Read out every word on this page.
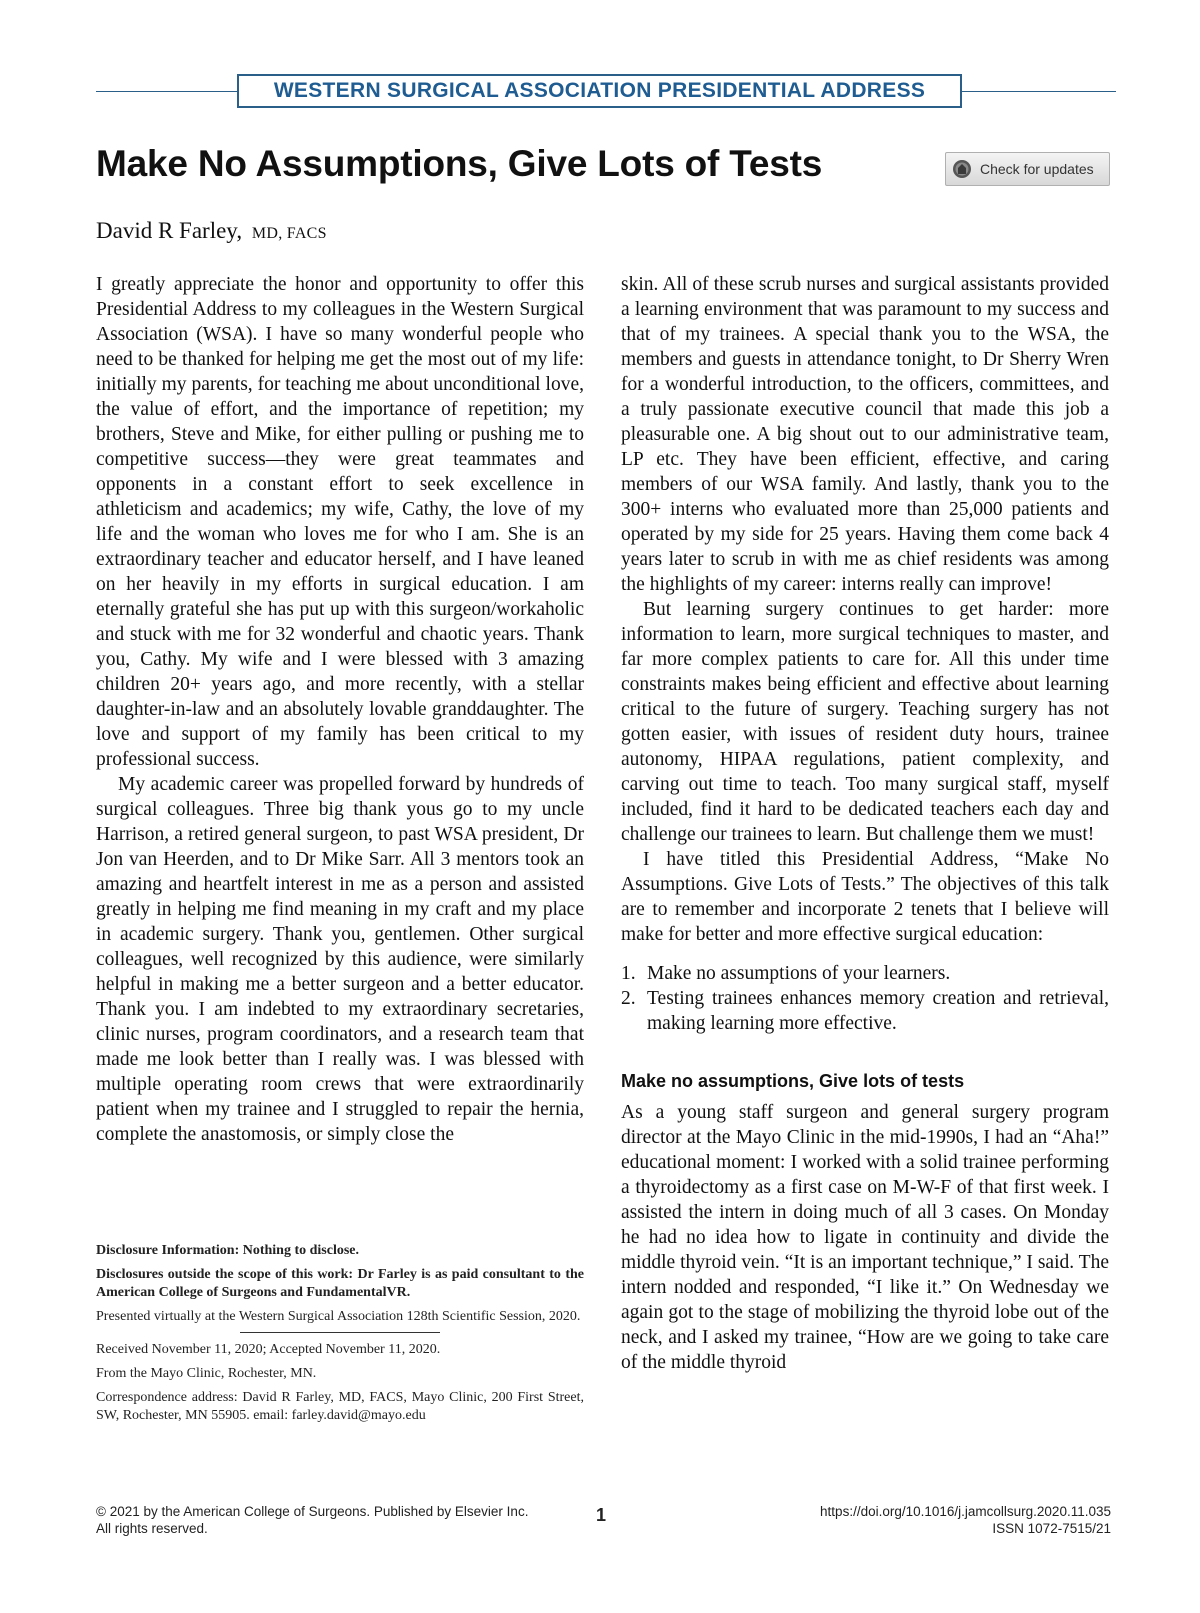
WESTERN SURGICAL ASSOCIATION PRESIDENTIAL ADDRESS
Make No Assumptions, Give Lots of Tests	Check for updates
David R Farley, MD, FACS

I greatly appreciate the honor and opportunity to offer this Presidential Address to my colleagues in the Western Surgical Association (WSA). I have so many wonderful people who need to be thanked for helping me get the most out of my life: initially my parents, for teaching me about unconditional love, the value of effort, and the importance of repetition; my brothers, Steve and Mike, for either pulling or pushing me to competitive success—they were great teammates and opponents in a constant effort to seek excellence in athleticism and academics; my wife, Cathy, the love of my life and the woman who loves me for who I am. She is an extraordinary teacher and educator herself, and I have leaned on her heavily in my efforts in surgical education. I am eternally grateful she has put up with this surgeon/workaholic and stuck with me for 32 wonderful and chaotic years. Thank you, Cathy. My wife and I were blessed with 3 amazing children 20+ years ago, and more recently, with a stellar daughter-in-law and an absolutely lovable granddaughter. The love and support of my family has been critical to my professional success.

My academic career was propelled forward by hundreds of surgical colleagues. Three big thank yous go to my uncle Harrison, a retired general surgeon, to past WSA president, Dr Jon van Heerden, and to Dr Mike Sarr. All 3 mentors took an amazing and heartfelt interest in me as a person and assisted greatly in helping me find meaning in my craft and my place in academic surgery. Thank you, gentlemen. Other surgical colleagues, well recognized by this audience, were similarly helpful in making me a better surgeon and a better educator. Thank you. I am indebted to my extraordinary secretaries, clinic nurses, program coordinators, and a research team that made me look better than I really was. I was blessed with multiple operating room crews that were extraordinarily patient when my trainee and I struggled to repair the hernia, complete the anastomosis, or simply close the

Disclosure Information: Nothing to disclose.

Disclosures outside the scope of this work: Dr Farley is as paid consultant to the American College of Surgeons and FundamentalVR.

Presented virtually at the Western Surgical Association 128th Scientific Session, 2020.

Received November 11, 2020; Accepted November 11, 2020.

From the Mayo Clinic, Rochester, MN.

Correspondence address: David R Farley, MD, FACS, Mayo Clinic, 200 First Street, SW, Rochester, MN 55905. email: farley.david@mayo.edu

skin. All of these scrub nurses and surgical assistants provided a learning environment that was paramount to my success and that of my trainees. A special thank you to the WSA, the members and guests in attendance tonight, to Dr Sherry Wren for a wonderful introduction, to the officers, committees, and a truly passionate executive council that made this job a pleasurable one. A big shout out to our administrative team, LP etc. They have been efficient, effective, and caring members of our WSA family. And lastly, thank you to the 300+ interns who evaluated more than 25,000 patients and operated by my side for 25 years. Having them come back 4 years later to scrub in with me as chief residents was among the highlights of my career: interns really can improve!

But learning surgery continues to get harder: more information to learn, more surgical techniques to master, and far more complex patients to care for. All this under time constraints makes being efficient and effective about learning critical to the future of surgery. Teaching surgery has not gotten easier, with issues of resident duty hours, trainee autonomy, HIPAA regulations, patient complexity, and carving out time to teach. Too many surgical staff, myself included, find it hard to be dedicated teachers each day and challenge our trainees to learn. But challenge them we must!

I have titled this Presidential Address, “Make No Assumptions. Give Lots of Tests.” The objectives of this talk are to remember and incorporate 2 tenets that I believe will make for better and more effective surgical education:

1. Make no assumptions of your learners.
2. Testing trainees enhances memory creation and retrieval, making learning more effective.
Make no assumptions, Give lots of tests

As a young staff surgeon and general surgery program director at the Mayo Clinic in the mid-1990s, I had an “Aha!” educational moment: I worked with a solid trainee performing a thyroidectomy as a first case on M-W-F of that first week. I assisted the intern in doing much of all 3 cases. On Monday he had no idea how to ligate in continuity and divide the middle thyroid vein. “It is an important technique,” I said. The intern nodded and responded, “I like it.” On Wednesday we again got to the stage of mobilizing the thyroid lobe out of the neck, and I asked my trainee, “How are we going to take care of the middle thyroid

© 2021 by the American College of Surgeons. Published by Elsevier Inc.
All rights reserved.
1	https://doi.org/10.1016/j.jamcollsurg.2020.11.035
ISSN 1072-7515/21
